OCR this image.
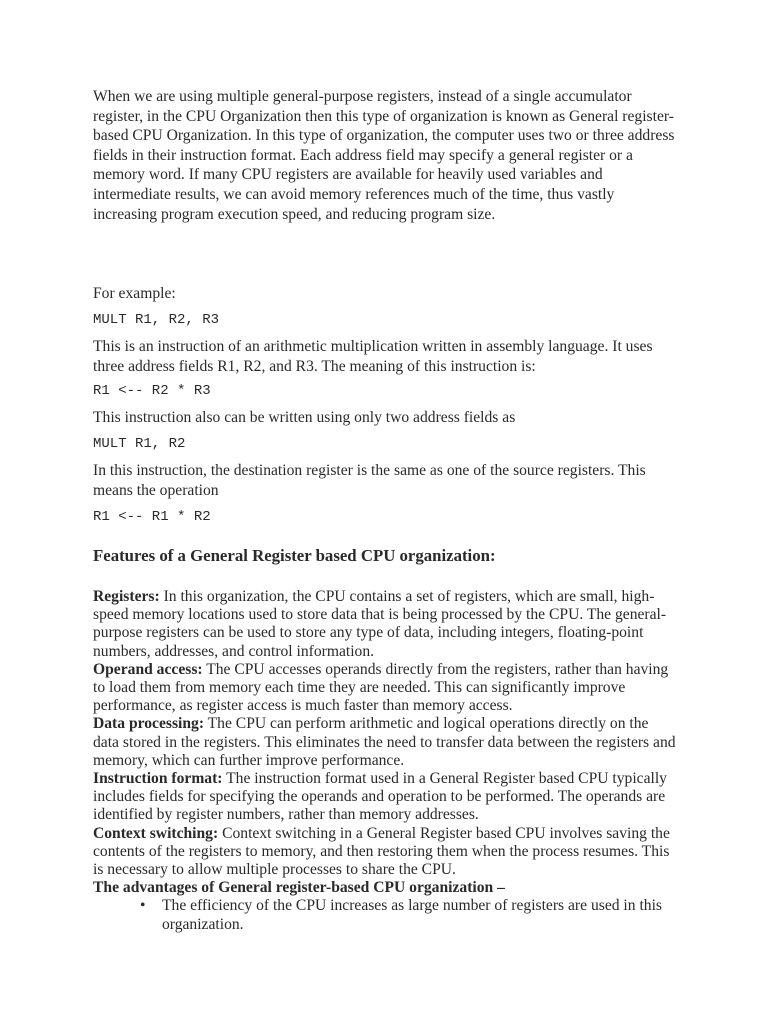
When we are using multiple general-purpose registers, instead of a single accumulator register, in the CPU Organization then this type of organization is known as General register-based CPU Organization. In this type of organization, the computer uses two or three address fields in their instruction format. Each address field may specify a general register or a memory word. If many CPU registers are available for heavily used variables and intermediate results, we can avoid memory references much of the time, thus vastly increasing program execution speed, and reducing program size.

For example:

MULT R1, R2, R3

This is an instruction of an arithmetic multiplication written in assembly language. It uses three address fields R1, R2, and R3. The meaning of this instruction is:

R1 <-- R2 * R3

This instruction also can be written using only two address fields as

MULT R1, R2

In this instruction, the destination register is the same as one of the source registers. This means the operation

R1 <-- R1 * R2
Features of a General Register based CPU organization:

Registers: In this organization, the CPU contains a set of registers, which are small, high-speed memory locations used to store data that is being processed by the CPU. The general-purpose registers can be used to store any type of data, including integers, floating-point numbers, addresses, and control information.

Operand access: The CPU accesses operands directly from the registers, rather than having to load them from memory each time they are needed. This can significantly improve performance, as register access is much faster than memory access.

Data processing: The CPU can perform arithmetic and logical operations directly on the data stored in the registers. This eliminates the need to transfer data between the registers and memory, which can further improve performance.

Instruction format: The instruction format used in a General Register based CPU typically includes fields for specifying the operands and operation to be performed. The operands are identified by register numbers, rather than memory addresses.

Context switching: Context switching in a General Register based CPU involves saving the contents of the registers to memory, and then restoring them when the process resumes. This is necessary to allow multiple processes to share the CPU.

The advantages of General register-based CPU organization –

• The efficiency of the CPU increases as large number of registers are used in this organization.
